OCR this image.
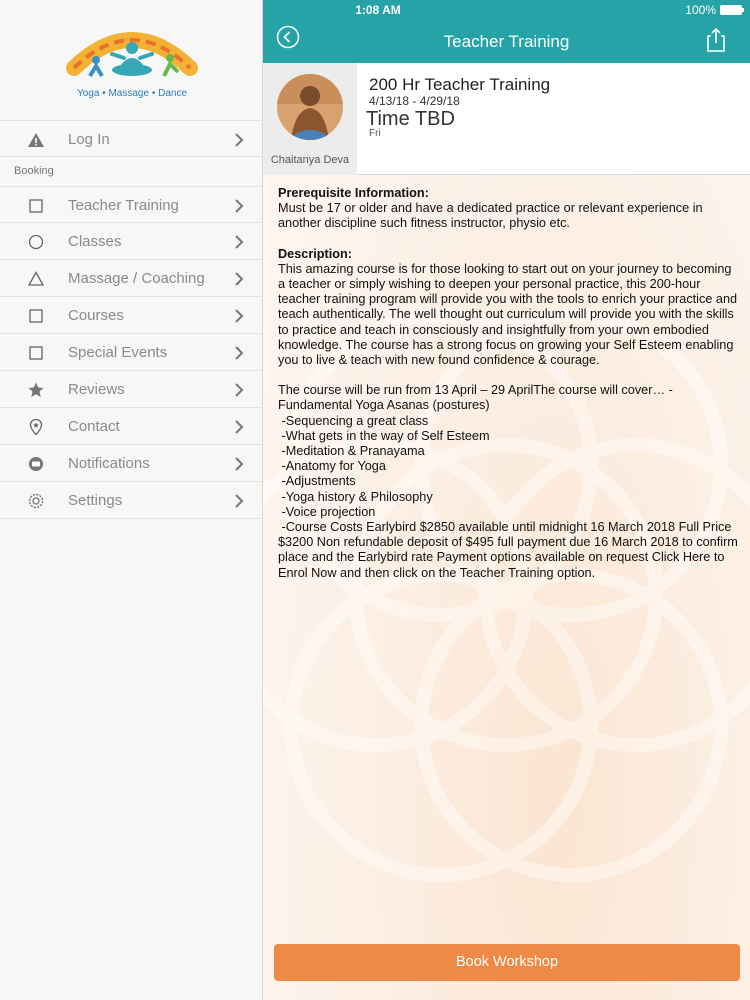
Yoga • Massage • Dance
Log In
Booking
Teacher Training
Classes
Massage / Coaching
Courses
Special Events
Reviews
Contact
Notifications
Settings
1:08 AM	100%
Teacher Training
Chaitanya Deva
200 Hr Teacher Training
4/13/18 - 4/29/18
Time TBD
Fri

Prerequisite Information:

Must be 17 or older and have a dedicated practice or relevant experience in another discipline such fitness instructor, physio etc.

Description:

This amazing course is for those looking to start out on your journey to becoming a teacher or simply wishing to deepen your personal practice, this 200-hour teacher training program will provide you with the tools to enrich your practice and teach authentically. The well thought out curriculum will provide you with the skills to practice and teach in consciously and insightfully from your own embodied knowledge. The course has a strong focus on growing your Self Esteem enabling you to live & teach with new found confidence & courage.

The course will be run from 13 April – 29 AprilThe course will cover… - Fundamental Yoga Asanas (postures)

-Sequencing a great class

-What gets in the way of Self Esteem

-Meditation & Pranayama

-Anatomy for Yoga

-Adjustments

-Yoga history & Philosophy

-Voice projection

-Course Costs Earlybird $2850 available until midnight 16 March 2018 Full Price $3200 Non refundable deposit of $495 full payment due 16 March 2018 to confirm place and the Earlybird rate Payment options available on request Click Here to Enrol Now and then click on the Teacher Training option.

Book Workshop
